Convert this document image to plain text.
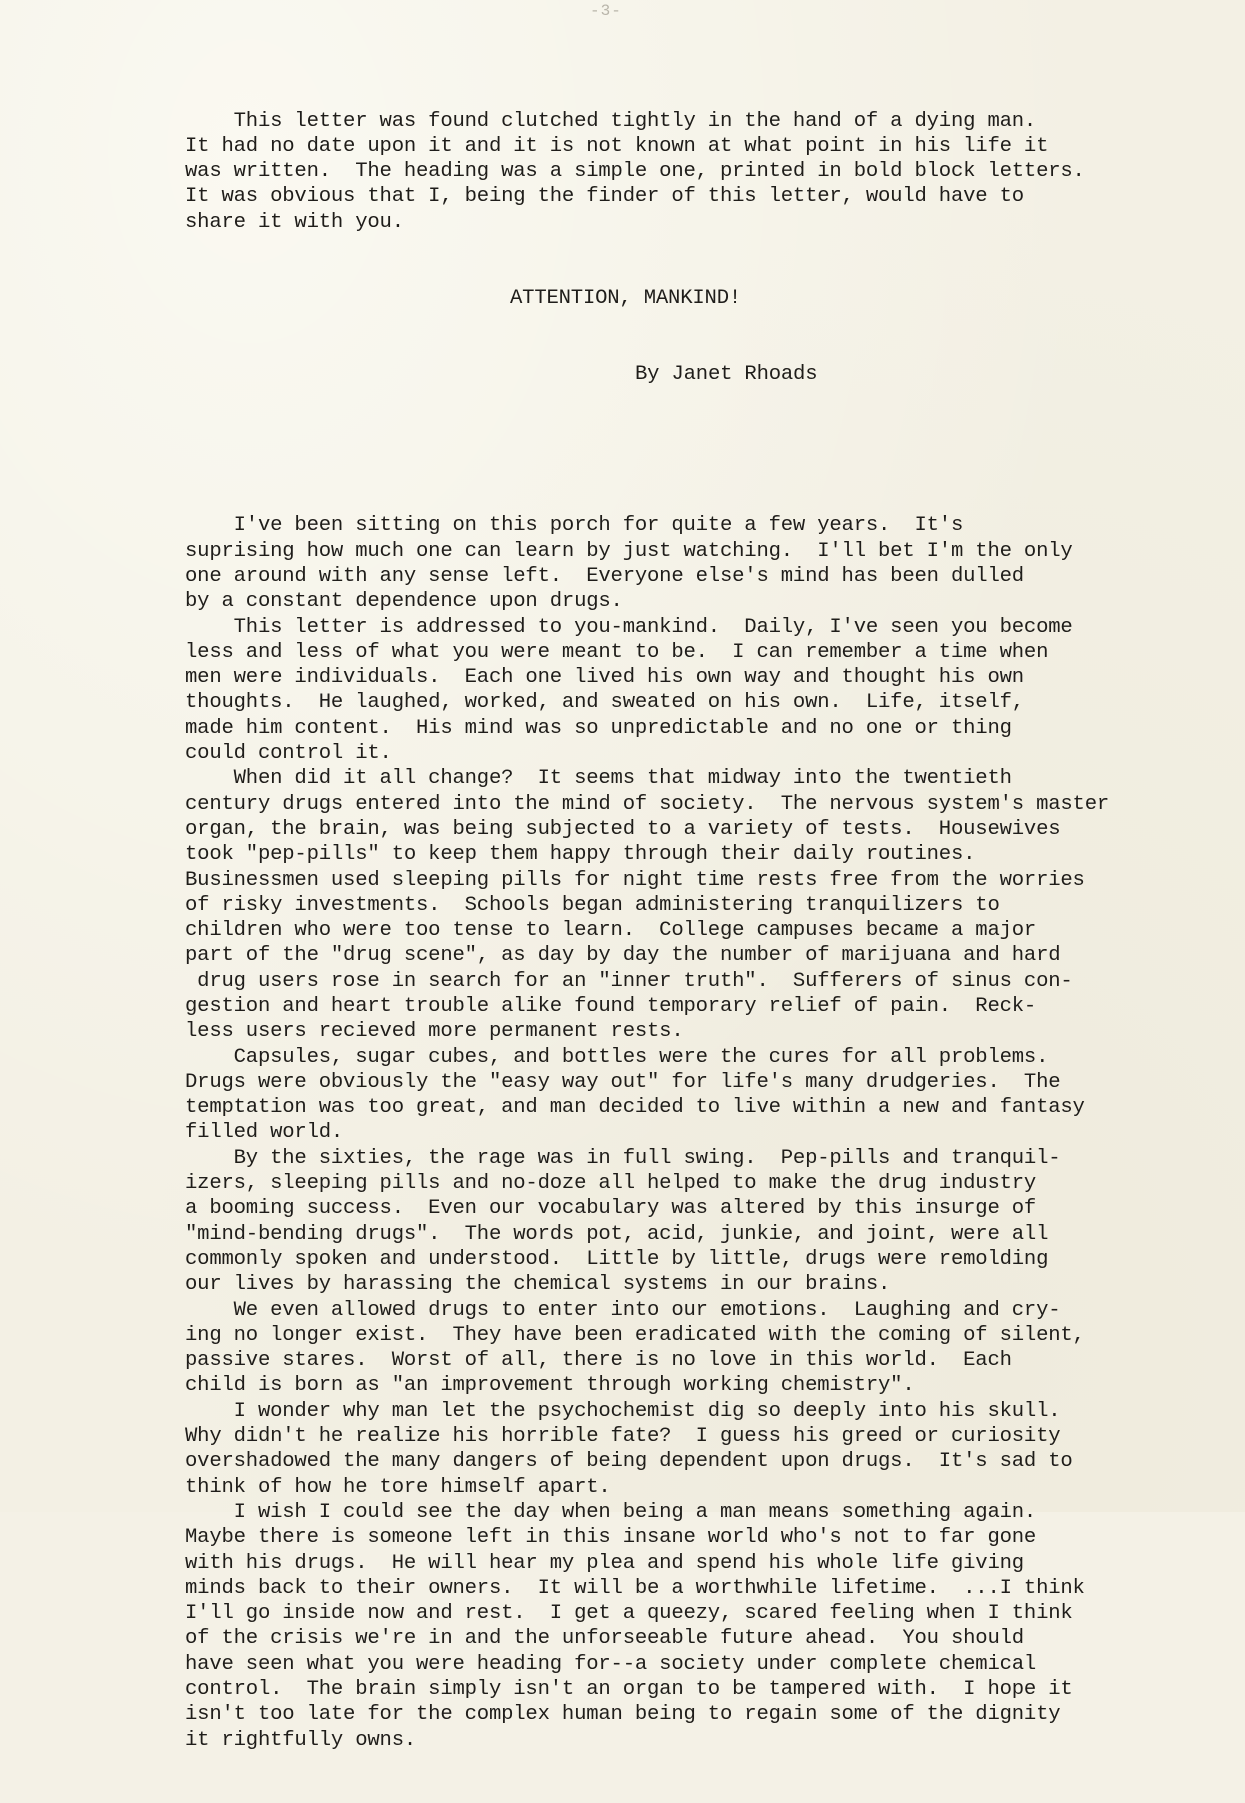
-3-

This letter was found clutched tightly in the hand of a dying man.
It had no date upon it and it is not known at what point in his life it
was written.  The heading was a simple one, printed in bold block letters.
It was obvious that I, being the finder of this letter, would have to
share it with you.

ATTENTION, MANKIND!

By Janet Rhoads

I've been sitting on this porch for quite a few years.  It's
suprising how much one can learn by just watching.  I'll bet I'm the only
one around with any sense left.  Everyone else's mind has been dulled
by a constant dependence upon drugs.
This letter is addressed to you-mankind.  Daily, I've seen you become
less and less of what you were meant to be.  I can remember a time when
men were individuals.  Each one lived his own way and thought his own
thoughts.  He laughed, worked, and sweated on his own.  Life, itself,
made him content.  His mind was so unpredictable and no one or thing
could control it.
When did it all change?  It seems that midway into the twentieth
century drugs entered into the mind of society.  The nervous system's master
organ, the brain, was being subjected to a variety of tests.  Housewives
took "pep-pills" to keep them happy through their daily routines.
Businessmen used sleeping pills for night time rests free from the worries
of risky investments.  Schools began administering tranquilizers to
children who were too tense to learn.  College campuses became a major
part of the "drug scene", as day by day the number of marijuana and hard
drug users rose in search for an "inner truth".  Sufferers of sinus con-
gestion and heart trouble alike found temporary relief of pain.  Reck-
less users recieved more permanent rests.
Capsules, sugar cubes, and bottles were the cures for all problems.
Drugs were obviously the "easy way out" for life's many drudgeries.  The
temptation was too great, and man decided to live within a new and fantasy
filled world.
By the sixties, the rage was in full swing.  Pep-pills and tranquil-
izers, sleeping pills and no-doze all helped to make the drug industry
a booming success.  Even our vocabulary was altered by this insurge of
"mind-bending drugs".  The words pot, acid, junkie, and joint, were all
commonly spoken and understood.  Little by little, drugs were remolding
our lives by harassing the chemical systems in our brains.
We even allowed drugs to enter into our emotions.  Laughing and cry-
ing no longer exist.  They have been eradicated with the coming of silent,
passive stares.  Worst of all, there is no love in this world.  Each
child is born as "an improvement through working chemistry".
I wonder why man let the psychochemist dig so deeply into his skull.
Why didn't he realize his horrible fate?  I guess his greed or curiosity
overshadowed the many dangers of being dependent upon drugs.  It's sad to
think of how he tore himself apart.
I wish I could see the day when being a man means something again.
Maybe there is someone left in this insane world who's not to far gone
with his drugs.  He will hear my plea and spend his whole life giving
minds back to their owners.  It will be a worthwhile lifetime.  ...I think
I'll go inside now and rest.  I get a queezy, scared feeling when I think
of the crisis we're in and the unforseeable future ahead.  You should
have seen what you were heading for--a society under complete chemical
control.  The brain simply isn't an organ to be tampered with.  I hope it
isn't too late for the complex human being to regain some of the dignity
it rightfully owns.
